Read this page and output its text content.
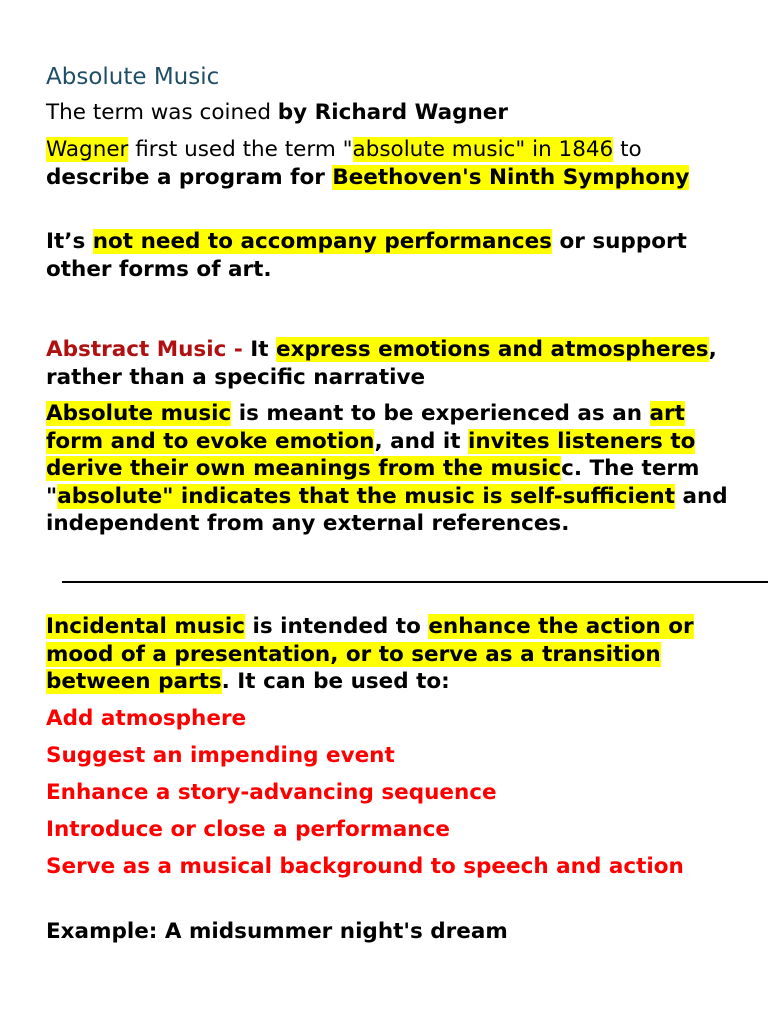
Absolute Music

The term was coined by Richard Wagner

Wagner first used the term "absolute music" in 1846 to describe a program for Beethoven's Ninth Symphony

It’s not need to accompany performances or support other forms of art.

Abstract Music - It express emotions and atmospheres, rather than a specific narrative

Absolute music is meant to be experienced as an art form and to evoke emotion, and it invites listeners to derive their own meanings from the musicc. The term "absolute" indicates that the music is self-sufficient and independent from any external references.

Incidental music is intended to enhance the action or mood of a presentation, or to serve as a transition between parts. It can be used to:

Add atmosphere

Suggest an impending event

Enhance a story-advancing sequence

Introduce or close a performance

Serve as a musical background to speech and action

Example: A midsummer night's dream
